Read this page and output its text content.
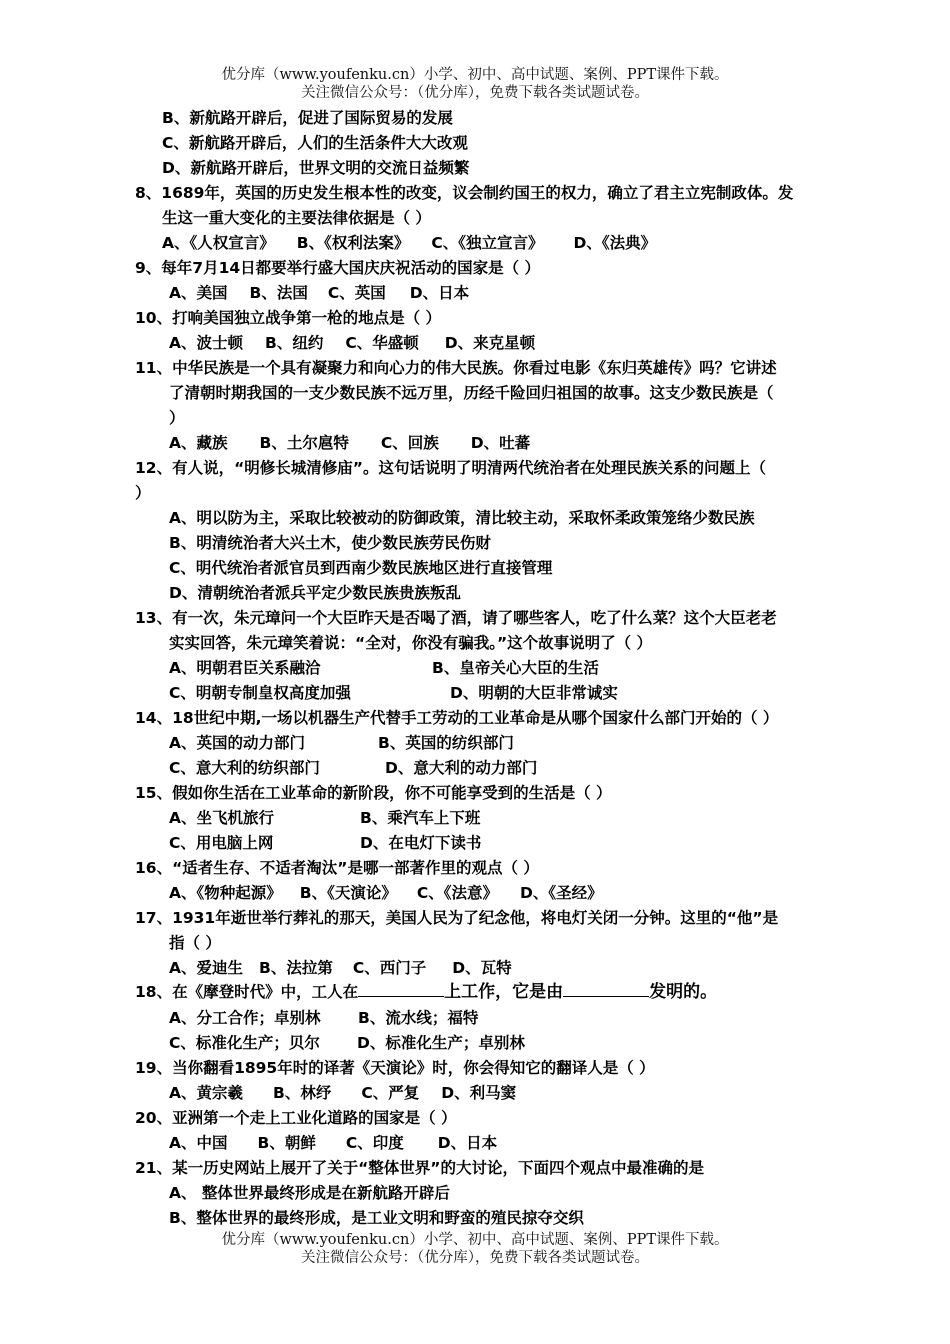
优分库（www.youfenku.cn）小学、初中、高中试题、案例、PPT课件下载。
关注微信公众号：（优分库），免费下载各类试题试卷。
B、新航路开辟后，促进了国际贸易的发展
C、新航路开辟后，人们的生活条件大大改观
D、新航路开辟后，世界文明的交流日益频繁
8、1689年，英国的历史发生根本性的改变，议会制约国王的权力，确立了君主立宪制政体。发
生这一重大变化的主要法律依据是（ ）
A、《人权宣言》 B、《权利法案》 C、《独立宣言》 D、《法典》
9、每年7月14日都要举行盛大国庆庆祝活动的国家是（ ）
A、美国 B、法国 C、英国 D、日本
10、打响美国独立战争第一枪的地点是（ ）
A、波士顿 B、纽约 C、华盛顿 D、来克星顿
11、中华民族是一个具有凝聚力和向心力的伟大民族。你看过电影《东归英雄传》吗？它讲述
了清朝时期我国的一支少数民族不远万里，历经千险回归祖国的故事。这支少数民族是（
）
A、藏族 B、土尔扈特 C、回族 D、吐蕃
12、有人说，“明修长城清修庙”。这句话说明了明清两代统治者在处理民族关系的问题上（
）
A、明以防为主，采取比较被动的防御政策，清比较主动，采取怀柔政策笼络少数民族
B、明清统治者大兴土木，使少数民族劳民伤财
C、明代统治者派官员到西南少数民族地区进行直接管理
D、清朝统治者派兵平定少数民族贵族叛乱
13、有一次，朱元璋问一个大臣昨天是否喝了酒，请了哪些客人，吃了什么菜？这个大臣老老
实实回答，朱元璋笑着说：“全对，你没有骗我。”这个故事说明了（ ）
A、明朝君臣关系融洽	B、皇帝关心大臣的生活
C、明朝专制皇权高度加强	D、明朝的大臣非常诚实
14、18世纪中期,一场以机器生产代替手工劳动的工业革命是从哪个国家什么部门开始的（ ）
A、英国的动力部门	B、英国的纺织部门
C、意大利的纺织部门	D、意大利的动力部门
15、假如你生活在工业革命的新阶段，你不可能享受到的生活是（ ）
A、坐飞机旅行	B、乘汽车上下班
C、用电脑上网	D、在电灯下读书
16、“适者生存、不适者淘汰”是哪一部著作里的观点（ ）
A、《物种起源》 B、《天演论》 C、《法意》 D、《圣经》
17、1931年逝世举行葬礼的那天，美国人民为了纪念他，将电灯关闭一分钟。这里的“他”是
指（ ）
A、爱迪生 B、法拉第 C、西门子 D、瓦特
18、在《摩登时代》中，工人在	上工作，它是由	发明的。
A、分工合作；卓别林 B、流水线；福特
C、标准化生产；贝尔 D、标准化生产；卓别林
19、当你翻看1895年时的译著《天演论》时，你会得知它的翻译人是（ ）
A、黄宗羲 B、林纾 C、严复 D、利马窦
20、亚洲第一个走上工业化道路的国家是（ ）
A、中国 B、朝鲜 C、印度 D、日本
21、某一历史网站上展开了关于“整体世界”的大讨论，下面四个观点中最准确的是
A、 整体世界最终形成是在新航路开辟后
B、整体世界的最终形成，是工业文明和野蛮的殖民掠夺交织
优分库（www.youfenku.cn）小学、初中、高中试题、案例、PPT课件下载。
关注微信公众号：（优分库），免费下载各类试题试卷。
